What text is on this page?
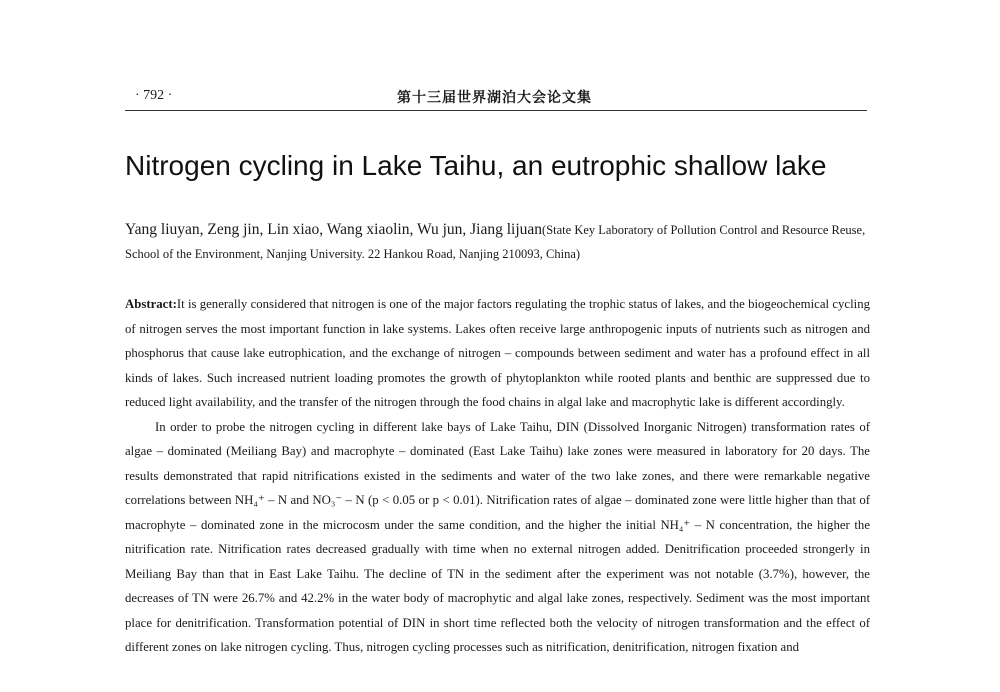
· 792 ·	第十三届世界湖泊大会论文集
Nitrogen cycling in Lake Taihu, an eutrophic shallow lake
Yang liuyan, Zeng jin, Lin xiao, Wang xiaolin, Wu jun, Jiang lijuan(State Key Laboratory of Pollution Control and Resource Reuse, School of the Environment, Nanjing University. 22 Hankou Road, Nanjing 210093, China)

Abstract:It is generally considered that nitrogen is one of the major factors regulating the trophic status of lakes, and the biogeochemical cycling of nitrogen serves the most important function in lake systems. Lakes often receive large anthropogenic inputs of nutrients such as nitrogen and phosphorus that cause lake eutrophication, and the exchange of nitrogen – compounds between sediment and water has a profound effect in all kinds of lakes. Such increased nutrient loading promotes the growth of phytoplankton while rooted plants and benthic are suppressed due to reduced light availability, and the transfer of the nitrogen through the food chains in algal lake and macrophytic lake is different accordingly.

In order to probe the nitrogen cycling in different lake bays of Lake Taihu, DIN (Dissolved Inorganic Nitrogen) transformation rates of algae – dominated (Meiliang Bay) and macrophyte – dominated (East Lake Taihu) lake zones were measured in laboratory for 20 days. The results demonstrated that rapid nitrifications existed in the sediments and water of the two lake zones, and there were remarkable negative correlations between NH₄⁺ – N and NO₃⁻ – N (p < 0.05 or p < 0.01). Nitrification rates of algae – dominated zone were little higher than that of macrophyte – dominated zone in the microcosm under the same condition, and the higher the initial NH₄⁺ – N concentration, the higher the nitrification rate. Nitrification rates decreased gradually with time when no external nitrogen added. Denitrification proceeded strongerly in Meiliang Bay than that in East Lake Taihu. The decline of TN in the sediment after the experiment was not notable (3.7%), however, the decreases of TN were 26.7% and 42.2% in the water body of macrophytic and algal lake zones, respectively. Sediment was the most important place for denitrification. Transformation potential of DIN in short time reflected both the velocity of nitrogen transformation and the effect of different zones on lake nitrogen cycling. Thus, nitrogen cycling processes such as nitrification, denitrification, nitrogen fixation and
